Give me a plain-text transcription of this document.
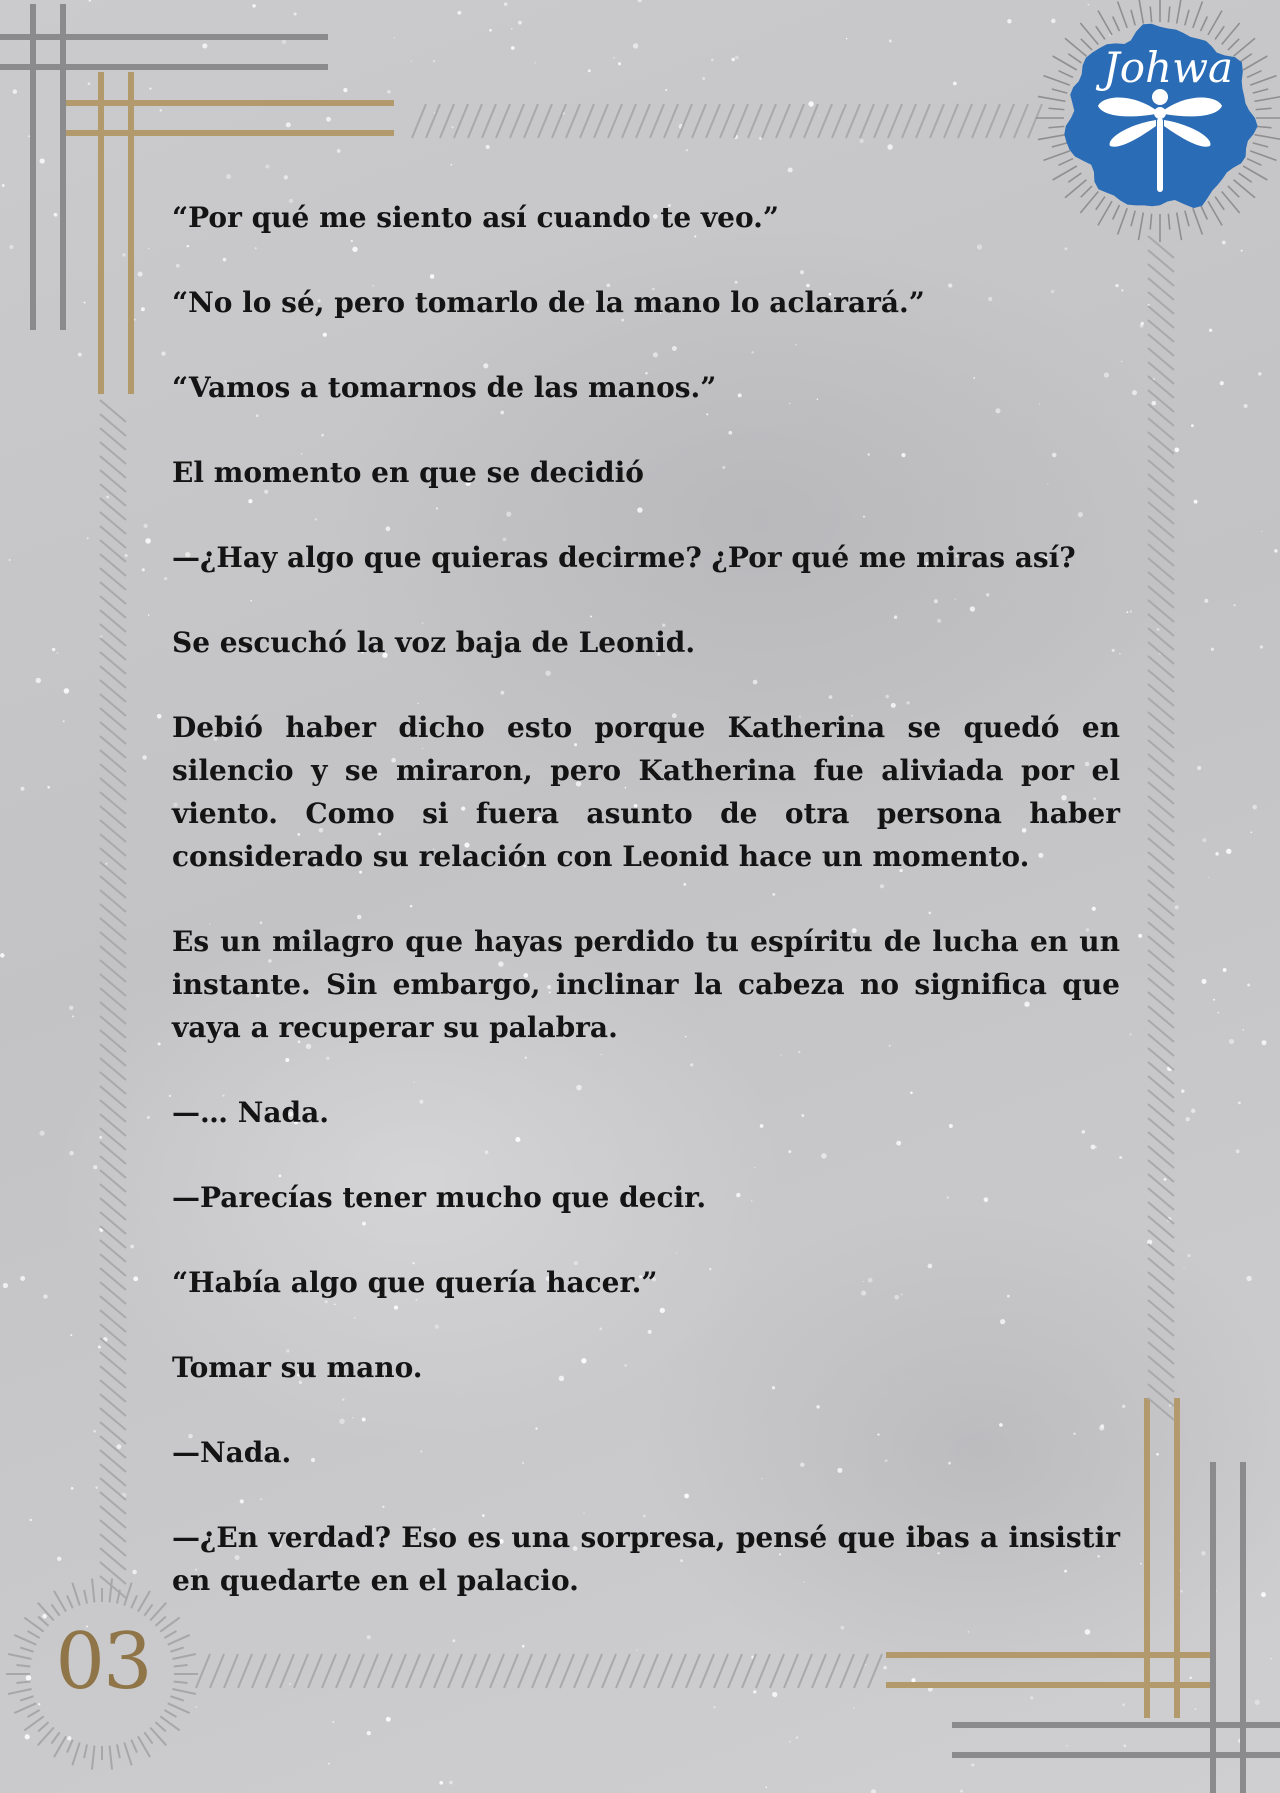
Johwa

“Por qué me siento así cuando te veo.”

“No lo sé, pero tomarlo de la mano lo aclarará.”

“Vamos a tomarnos de las manos.”

El momento en que se decidió

—¿Hay algo que quieras decirme? ¿Por qué me miras así?

Se escuchó la voz baja de Leonid.

Debió haber dicho esto porque Katherina se quedó en silencio y se miraron, pero Katherina fue aliviada por el viento. Como si fuera asunto de otra persona haber considerado su relación con Leonid hace un momento.

Es un milagro que hayas perdido tu espíritu de lucha en un instante. Sin embargo, inclinar la cabeza no significa que vaya a recuperar su palabra.

—… Nada.

—Parecías tener mucho que decir.

“Había algo que quería hacer.”

Tomar su mano.

—Nada.

—¿En verdad? Eso es una sorpresa, pensé que ibas a insistir en quedarte en el palacio.

03
